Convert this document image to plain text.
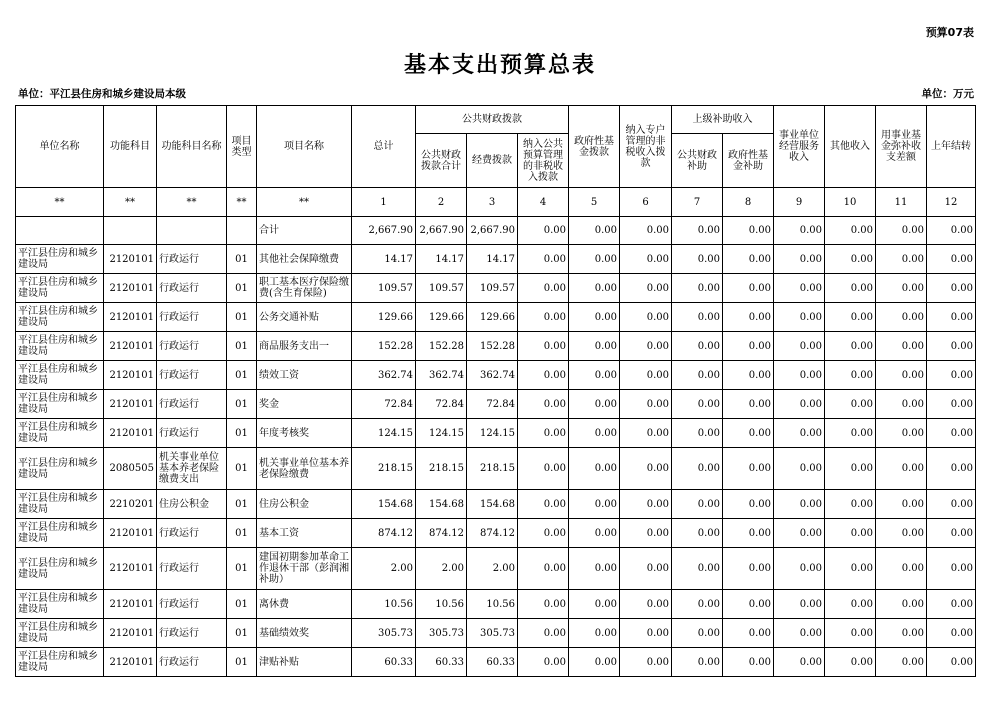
预算07表
基本支出预算总表
单位：平江县住房和城乡建设局本级	单位：万元
单位名称	功能科目	功能科目名称	项目类型	项目名称	总计	公共财政拨款			政府性基金拨款	纳入专户管理的非税收入拨款	上级补助收入		事业单位经营服务收入	其他收入	用事业基金弥补收支差额	上年结转
						公共财政拨款合计	经费拨款	纳入公共预算管理的非税收入拨款			公共财政补助	政府性基金补助				
**	**	**	**	**	1	2	3	4	5	6	7	8	9	10	11	12
				合计	2,667.90	2,667.90	2,667.90	0.00	0.00	0.00	0.00	0.00	0.00	0.00	0.00	0.00
平江县住房和城乡建设局	2120101	行政运行	01	其他社会保障缴费	14.17	14.17	14.17	0.00	0.00	0.00	0.00	0.00	0.00	0.00	0.00	0.00
平江县住房和城乡建设局	2120101	行政运行	01	职工基本医疗保险缴费(含生育保险)	109.57	109.57	109.57	0.00	0.00	0.00	0.00	0.00	0.00	0.00	0.00	0.00
平江县住房和城乡建设局	2120101	行政运行	01	公务交通补贴	129.66	129.66	129.66	0.00	0.00	0.00	0.00	0.00	0.00	0.00	0.00	0.00
平江县住房和城乡建设局	2120101	行政运行	01	商品服务支出一	152.28	152.28	152.28	0.00	0.00	0.00	0.00	0.00	0.00	0.00	0.00	0.00
平江县住房和城乡建设局	2120101	行政运行	01	绩效工资	362.74	362.74	362.74	0.00	0.00	0.00	0.00	0.00	0.00	0.00	0.00	0.00
平江县住房和城乡建设局	2120101	行政运行	01	奖金	72.84	72.84	72.84	0.00	0.00	0.00	0.00	0.00	0.00	0.00	0.00	0.00
平江县住房和城乡建设局	2120101	行政运行	01	年度考核奖	124.15	124.15	124.15	0.00	0.00	0.00	0.00	0.00	0.00	0.00	0.00	0.00
平江县住房和城乡建设局	2080505	机关事业单位基本养老保险缴费支出	01	机关事业单位基本养老保险缴费	218.15	218.15	218.15	0.00	0.00	0.00	0.00	0.00	0.00	0.00	0.00	0.00
平江县住房和城乡建设局	2210201	住房公积金	01	住房公积金	154.68	154.68	154.68	0.00	0.00	0.00	0.00	0.00	0.00	0.00	0.00	0.00
平江县住房和城乡建设局	2120101	行政运行	01	基本工资	874.12	874.12	874.12	0.00	0.00	0.00	0.00	0.00	0.00	0.00	0.00	0.00
平江县住房和城乡建设局	2120101	行政运行	01	建国初期参加革命工作退休干部（彭润湘补助）	2.00	2.00	2.00	0.00	0.00	0.00	0.00	0.00	0.00	0.00	0.00	0.00
平江县住房和城乡建设局	2120101	行政运行	01	离休费	10.56	10.56	10.56	0.00	0.00	0.00	0.00	0.00	0.00	0.00	0.00	0.00
平江县住房和城乡建设局	2120101	行政运行	01	基础绩效奖	305.73	305.73	305.73	0.00	0.00	0.00	0.00	0.00	0.00	0.00	0.00	0.00
平江县住房和城乡建设局	2120101	行政运行	01	津贴补贴	60.33	60.33	60.33	0.00	0.00	0.00	0.00	0.00	0.00	0.00	0.00	0.00
